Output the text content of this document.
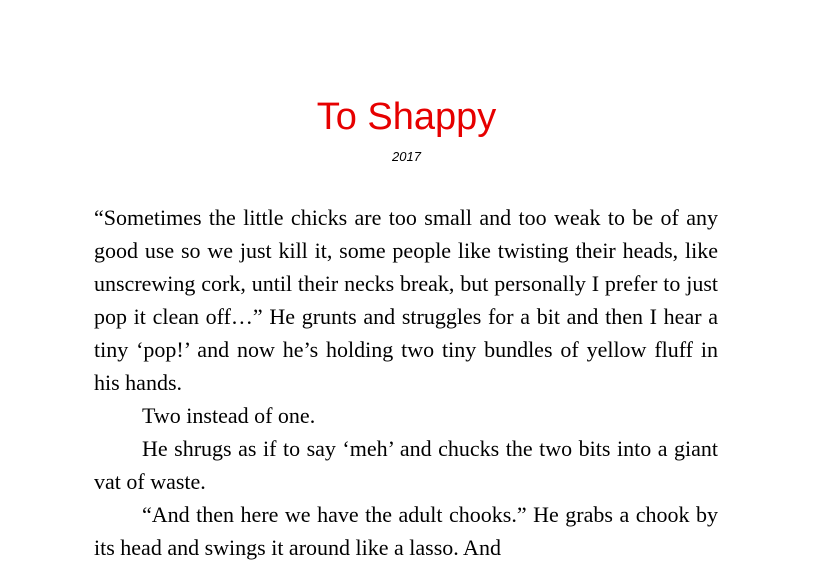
To Shappy
2017

“Sometimes the little chicks are too small and too weak to be of any good use so we just kill it, some people like twisting their heads, like unscrewing cork, until their necks break, but personally I prefer to just pop it clean off…” He grunts and struggles for a bit and then I hear a tiny ‘pop!’ and now he’s holding two tiny bundles of yellow fluff in his hands.

Two instead of one.

He shrugs as if to say ‘meh’ and chucks the two bits into a giant vat of waste.

“And then here we have the adult chooks.” He grabs a chook by its head and swings it around like a lasso. And
